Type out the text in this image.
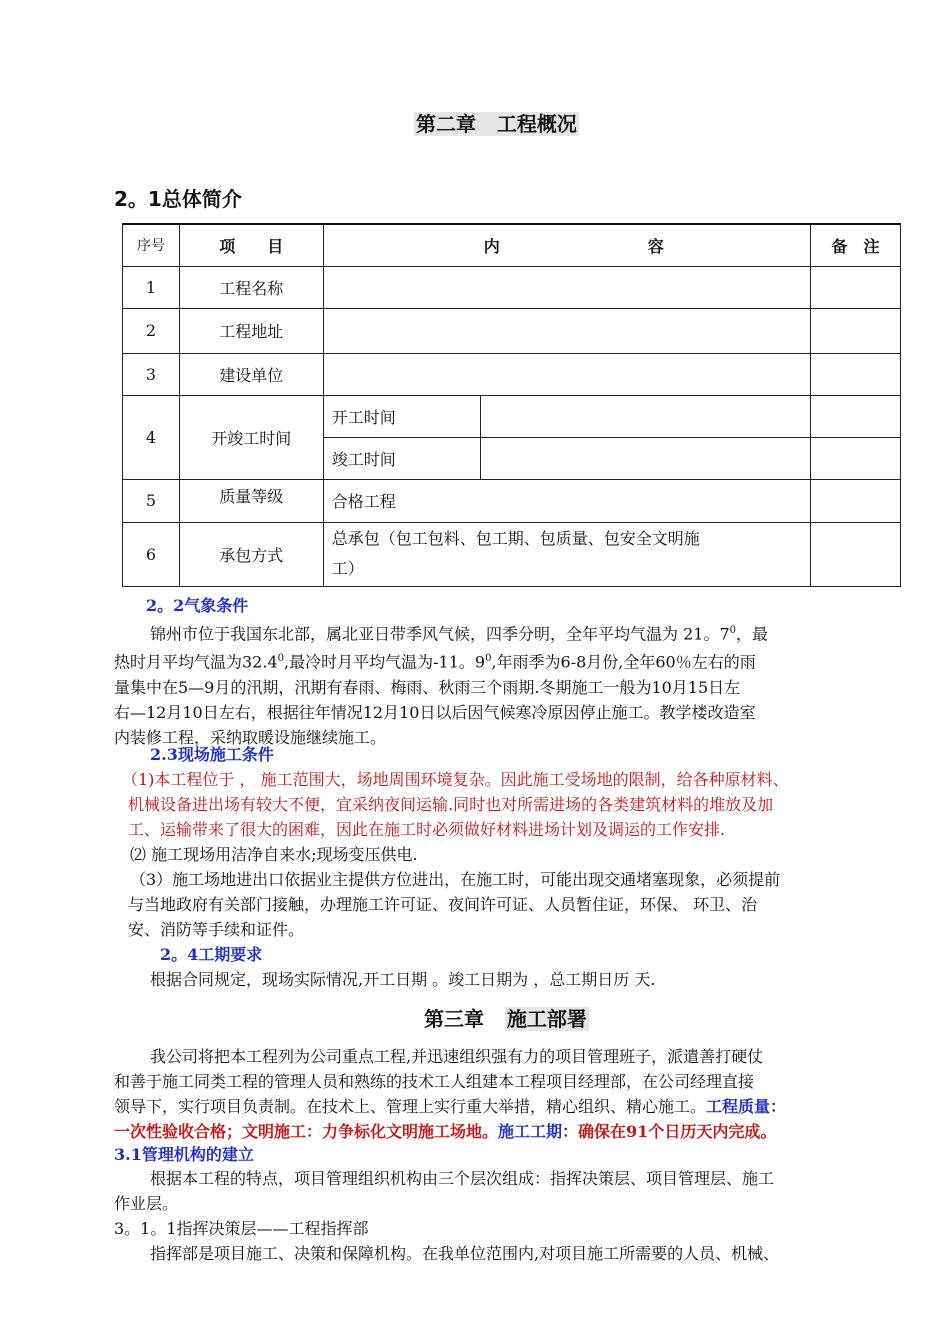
第二章 工程概况
2。1总体简介
序号	项　　目	内 容		备　注
1	工程名称			
2	工程地址			
3	建设单位			
4	开竣工时间	开工时间		
		竣工时间		
5	质量等级	合格工程		
6	承包方式	总承包（包工包料、包工期、包质量、包安全文明施
工）		

2。2气象条件
锦州市位于我国东北部，属北亚日带季风气候，四季分明，全年平均气温为 21。$7^0$，最
热时月平均气温为32.4$^0$,最冷时月平均气温为-11。$9^0$,年雨季为6-8月份,全年60％左右的雨
量集中在5—9月的汛期，汛期有春雨、梅雨、秋雨三个雨期.冬期施工一般为10月15日左
右—12月10日左右，根据往年情况12月10日以后因气候寒冷原因停止施工。教学楼改造室
内装修工程，采纳取暖设施继续施工。
2.3现场施工条件
（1)本工程位于 ， 施工范围大，场地周围环境复杂。因此施工受场地的限制，给各种原材料、
机械设备进出场有较大不便，宜采纳夜间运输.同时也对所需进场的各类建筑材料的堆放及加
工、运输带来了很大的困难，因此在施工时必须做好材料进场计划及调运的工作安排.
⑵ 施工现场用洁净自来水;现场变压供电.
（3）施工场地进出口依据业主提供方位进出，在施工时，可能出现交通堵塞现象，必须提前
与当地政府有关部门接触，办理施工许可证、夜间许可证、人员暂住证，环保、 环卫、治
安、消防等手续和证件。
2。4工期要求
根据合同规定，现场实际情况,开工日期 。竣工日期为 ，总工期日历 天.
第三章 施工部署
我公司将把本工程列为公司重点工程,并迅速组织强有力的项目管理班子，派遣善打硬仗
和善于施工同类工程的管理人员和熟练的技术工人组建本工程项目经理部，在公司经理直接
领导下，实行项目负责制。在技术上、管理上实行重大举措，精心组织、精心施工。工程质量：
一次性验收合格；文明施工：力争标化文明施工场地。施工工期：确保在91个日历天内完成。
3.1管理机构的建立
根据本工程的特点，项目管理组织机构由三个层次组成：指挥决策层、项目管理层、施工
作业层。
3。1。1指挥决策层——工程指挥部
指挥部是项目施工、决策和保障机构。在我单位范围内,对项目施工所需要的人员、机械、
